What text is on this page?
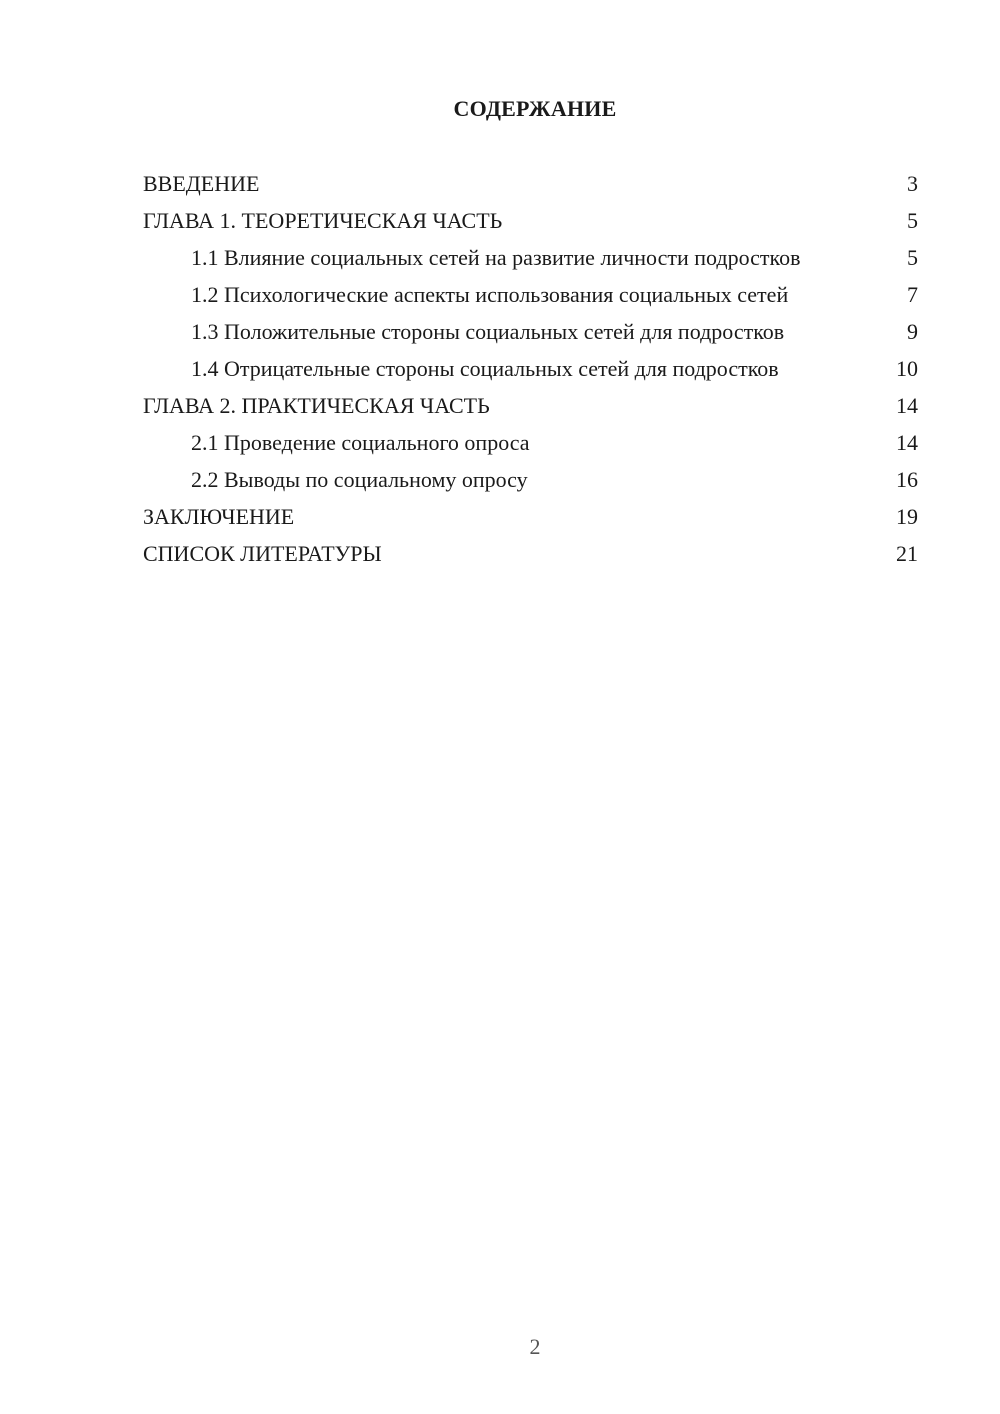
СОДЕРЖАНИЕ
ВВЕДЕНИЕ	3
ГЛАВА 1. ТЕОРЕТИЧЕСКАЯ ЧАСТЬ	5
1.1 Влияние социальных сетей на развитие личности подростков	5
1.2 Психологические аспекты использования социальных сетей	7
1.3 Положительные стороны социальных сетей для подростков	9
1.4 Отрицательные стороны социальных сетей для подростков	10
ГЛАВА 2. ПРАКТИЧЕСКАЯ ЧАСТЬ	14
2.1 Проведение социального опроса	14
2.2 Выводы по социальному опросу	16
ЗАКЛЮЧЕНИЕ	19
СПИСОК ЛИТЕРАТУРЫ	21
2
